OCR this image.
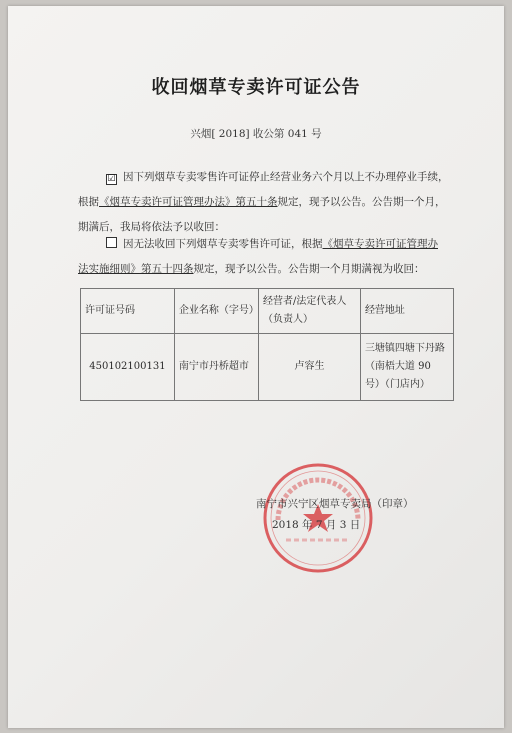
收回烟草专卖许可证公告
兴烟[ 2018] 收公第 041 号
☑ 因下列烟草专卖零售许可证停止经营业务六个月以上不办理停业手续，
根据《烟草专卖许可证管理办法》第五十条规定，现予以公告。公告期一个月，
期满后，我局将依法予以收回：
因无法收回下列烟草专卖零售许可证，根据《烟草专卖许可证管理办
法实施细则》第五十四条规定，现予以公告。公告期一个月期满视为收回：
许可证号码	企业名称（字号）	经营者/法定代表人（负责人）	经营地址
450102100131	南宁市丹桥超市	卢容生	三塘镇四塘下丹路（南梧大道 90 号）（门店内）
南宁市兴宁区烟草专卖局（印章）
2018 年 7 月 3 日
